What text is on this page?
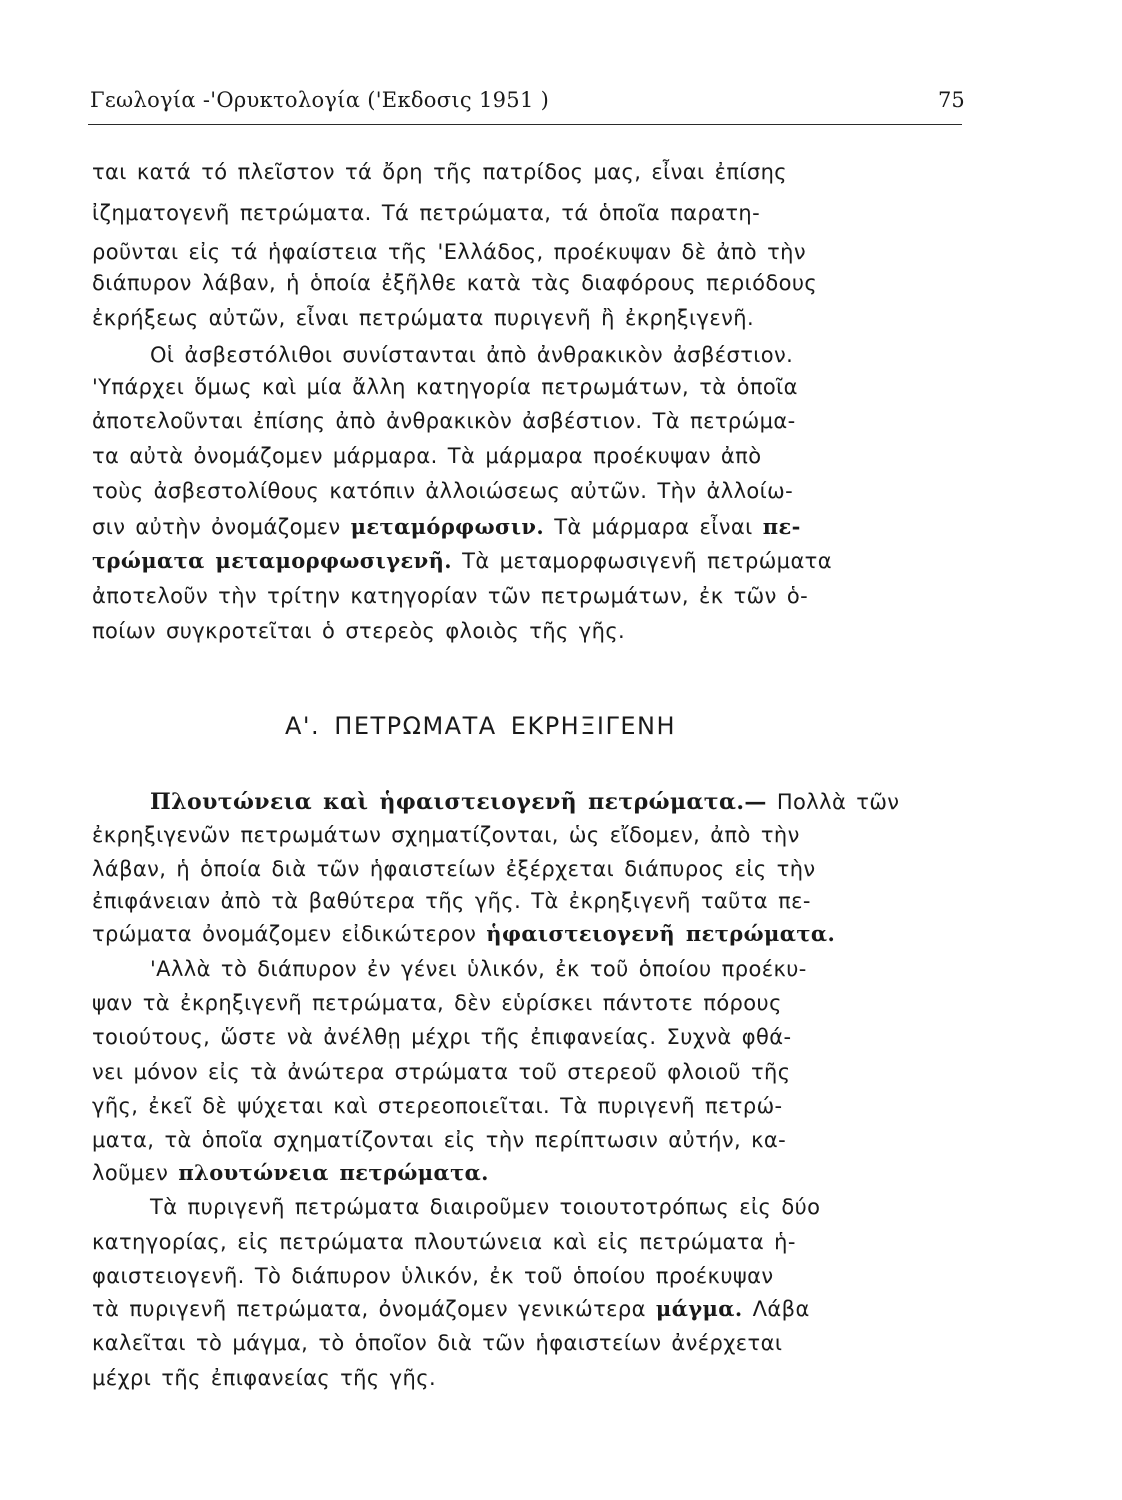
Γεωλογία -'Ορυκτολογία ('Εκδοσις 1951 )	75
ται κατά τό πλεῖστον τά ὄρη τῆς πατρίδος μας, εἶναι ἐπίσης
ἰζηματογενῆ πετρώματα. Τά πετρώματα, τά ὁποῖα παρατη-
ροῦνται εἰς τά ἡφαίστεια τῆς 'Ελλάδος, προέκυψαν δὲ ἀπὸ τὴν
διάπυρον λάβαν, ἡ ὁποία ἐξῆλθε κατὰ τὰς διαφόρους περιόδους
ἐκρήξεως αὐτῶν, εἶναι πετρώματα πυριγενῆ ἢ ἐκρηξιγενῆ.
Οἱ ἀσβεστόλιθοι συνίστανται ἀπὸ ἀνθρακικὸν ἀσβέστιον.
'Υπάρχει ὅμως καὶ μία ἄλλη κατηγορία πετρωμάτων, τὰ ὁποῖα
ἀποτελοῦνται ἐπίσης ἀπὸ ἀνθρακικὸν ἀσβέστιον. Τὰ πετρώμα-
τα αὐτὰ ὀνομάζομεν μάρμαρα. Τὰ μάρμαρα προέκυψαν ἀπὸ
τοὺς ἀσβεστολίθους κατόπιν ἀλλοιώσεως αὐτῶν. Τὴν ἀλλοίω-
σιν αὐτὴν ὀνομάζομεν μεταμόρφωσιν. Τὰ μάρμαρα εἶναι πε-
τρώματα μεταμορφωσιγενῆ. Τὰ μεταμορφωσιγενῆ πετρώματα
ἀποτελοῦν τὴν τρίτην κατηγορίαν τῶν πετρωμάτων, ἐκ τῶν ὁ-
ποίων συγκροτεῖται ὁ στερεὸς φλοιὸς τῆς γῆς.
Α'. ΠΕΤΡΩΜΑΤΑ ΕΚΡΗΞΙΓΕΝΗ
Πλουτώνεια καὶ ἡφαιστειογενῆ πετρώματα.— Πολλὰ τῶν
ἐκρηξιγενῶν πετρωμάτων σχηματίζονται, ὡς εἴδομεν, ἀπὸ τὴν
λάβαν, ἡ ὁποία διὰ τῶν ἡφαιστείων ἐξέρχεται διάπυρος εἰς τὴν
ἐπιφάνειαν ἀπὸ τὰ βαθύτερα τῆς γῆς. Τὰ ἐκρηξιγενῆ ταῦτα πε-
τρώματα ὀνομάζομεν εἰδικώτερον ἡφαιστειογενῆ πετρώματα.
'Αλλὰ τὸ διάπυρον ἐν γένει ὑλικόν, ἐκ τοῦ ὁποίου προέκυ-
ψαν τὰ ἐκρηξιγενῆ πετρώματα, δὲν εὑρίσκει πάντοτε πόρους
τοιούτους, ὥστε νὰ ἀνέλθῃ μέχρι τῆς ἐπιφανείας. Συχνὰ φθά-
νει μόνον εἰς τὰ ἀνώτερα στρώματα τοῦ στερεοῦ φλοιοῦ τῆς
γῆς, ἐκεῖ δὲ ψύχεται καὶ στερεοποιεῖται. Τὰ πυριγενῆ πετρώ-
ματα, τὰ ὁποῖα σχηματίζονται εἰς τὴν περίπτωσιν αὐτήν, κα-
λοῦμεν πλουτώνεια πετρώματα.
Τὰ πυριγενῆ πετρώματα διαιροῦμεν τοιουτοτρόπως εἰς δύο
κατηγορίας, εἰς πετρώματα πλουτώνεια καὶ εἰς πετρώματα ἡ-
φαιστειογενῆ. Τὸ διάπυρον ὑλικόν, ἐκ τοῦ ὁποίου προέκυψαν
τὰ πυριγενῆ πετρώματα, ὀνομάζομεν γενικώτερα μάγμα. Λάβα
καλεῖται τὸ μάγμα, τὸ ὁποῖον διὰ τῶν ἡφαιστείων ἀνέρχεται
μέχρι τῆς ἐπιφανείας τῆς γῆς.
